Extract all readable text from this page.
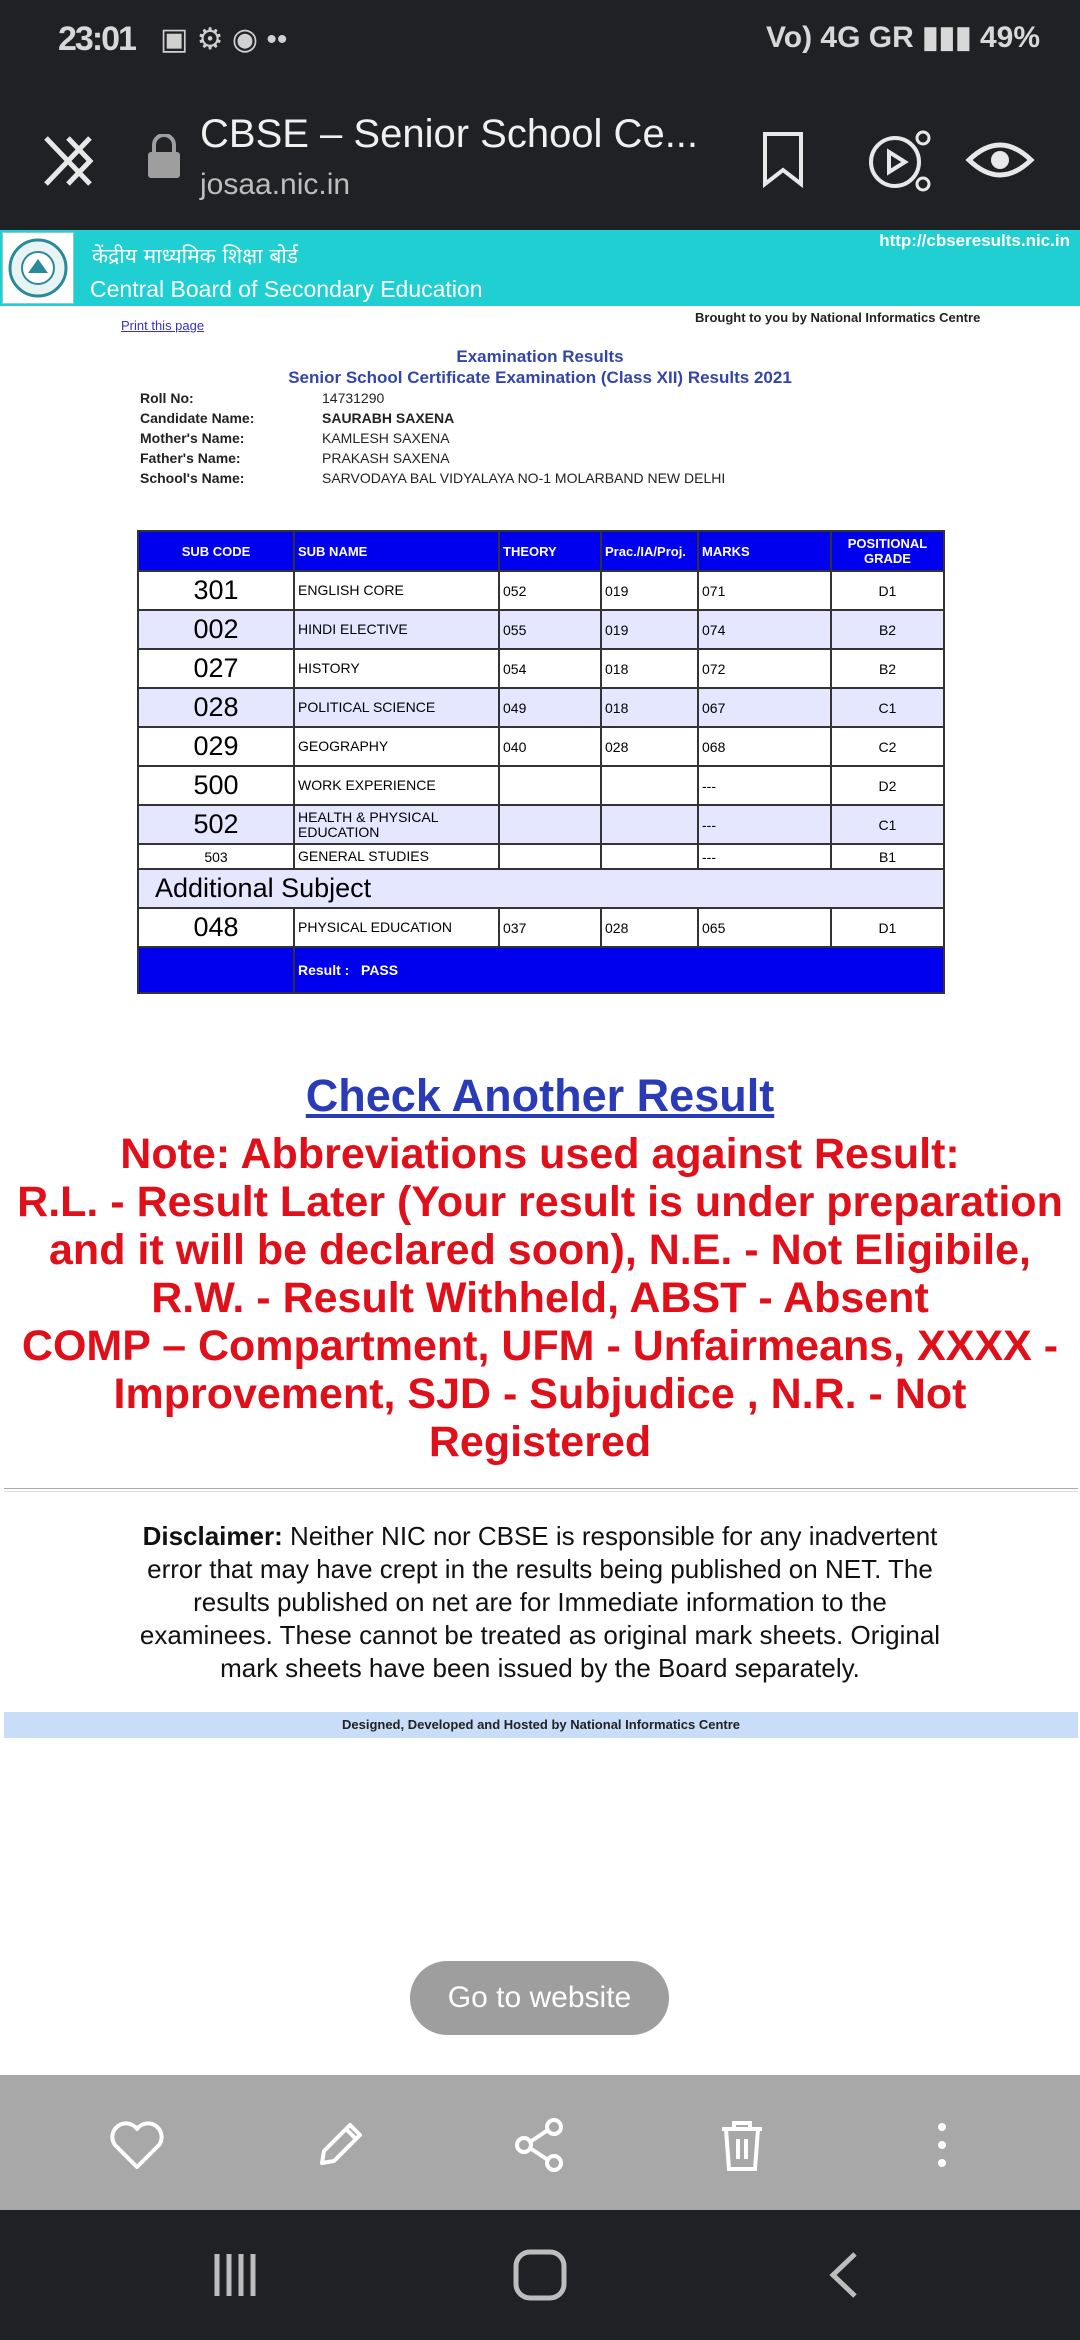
23:01 ▣ ⚙ ◉ ••	Vo) 4G GR ▮▮▮ 49%
CBSE – Senior School Ce...
josaa.nic.in
केंद्रीय माध्यमिक शिक्षा बोर्ड
Central Board of Secondary Education
http://cbseresults.nic.in
Print this page
Brought to you by National Informatics Centre
Examination Results
Senior School Certificate Examination (Class XII) Results 2021
Roll No:	14731290
Candidate Name:	SAURABH SAXENA
Mother's Name:	KAMLESH SAXENA
Father's Name:	PRAKASH SAXENA
School's Name:	SARVODAYA BAL VIDYALAYA NO-1 MOLARBAND NEW DELHI
SUB CODE	SUB NAME	THEORY	Prac./IA/Proj.	MARKS	POSITIONAL GRADE
301	ENGLISH CORE	052	019	071	D1
002	HINDI ELECTIVE	055	019	074	B2
027	HISTORY	054	018	072	B2
028	POLITICAL SCIENCE	049	018	067	C1
029	GEOGRAPHY	040	028	068	C2
500	WORK EXPERIENCE			---	D2
502	HEALTH & PHYSICAL EDUCATION			---	C1
503	GENERAL STUDIES			---	B1
Additional Subject					
048	PHYSICAL EDUCATION	037	028	065	D1
	Result : PASS				
Check Another Result
Note: Abbreviations used against Result:
R.L. - Result Later (Your result is under preparation and it will be declared soon), N.E. - Not Eligibile, R.W. - Result Withheld, ABST - Absent
COMP – Compartment, UFM - Unfairmeans, XXXX - Improvement, SJD - Subjudice , N.R. - Not Registered
Disclaimer: Neither NIC nor CBSE is responsible for any inadvertent error that may have crept in the results being published on NET. The results published on net are for Immediate information to the examinees. These cannot be treated as original mark sheets. Original mark sheets have been issued by the Board separately.
Designed, Developed and Hosted by National Informatics Centre
Go to website
